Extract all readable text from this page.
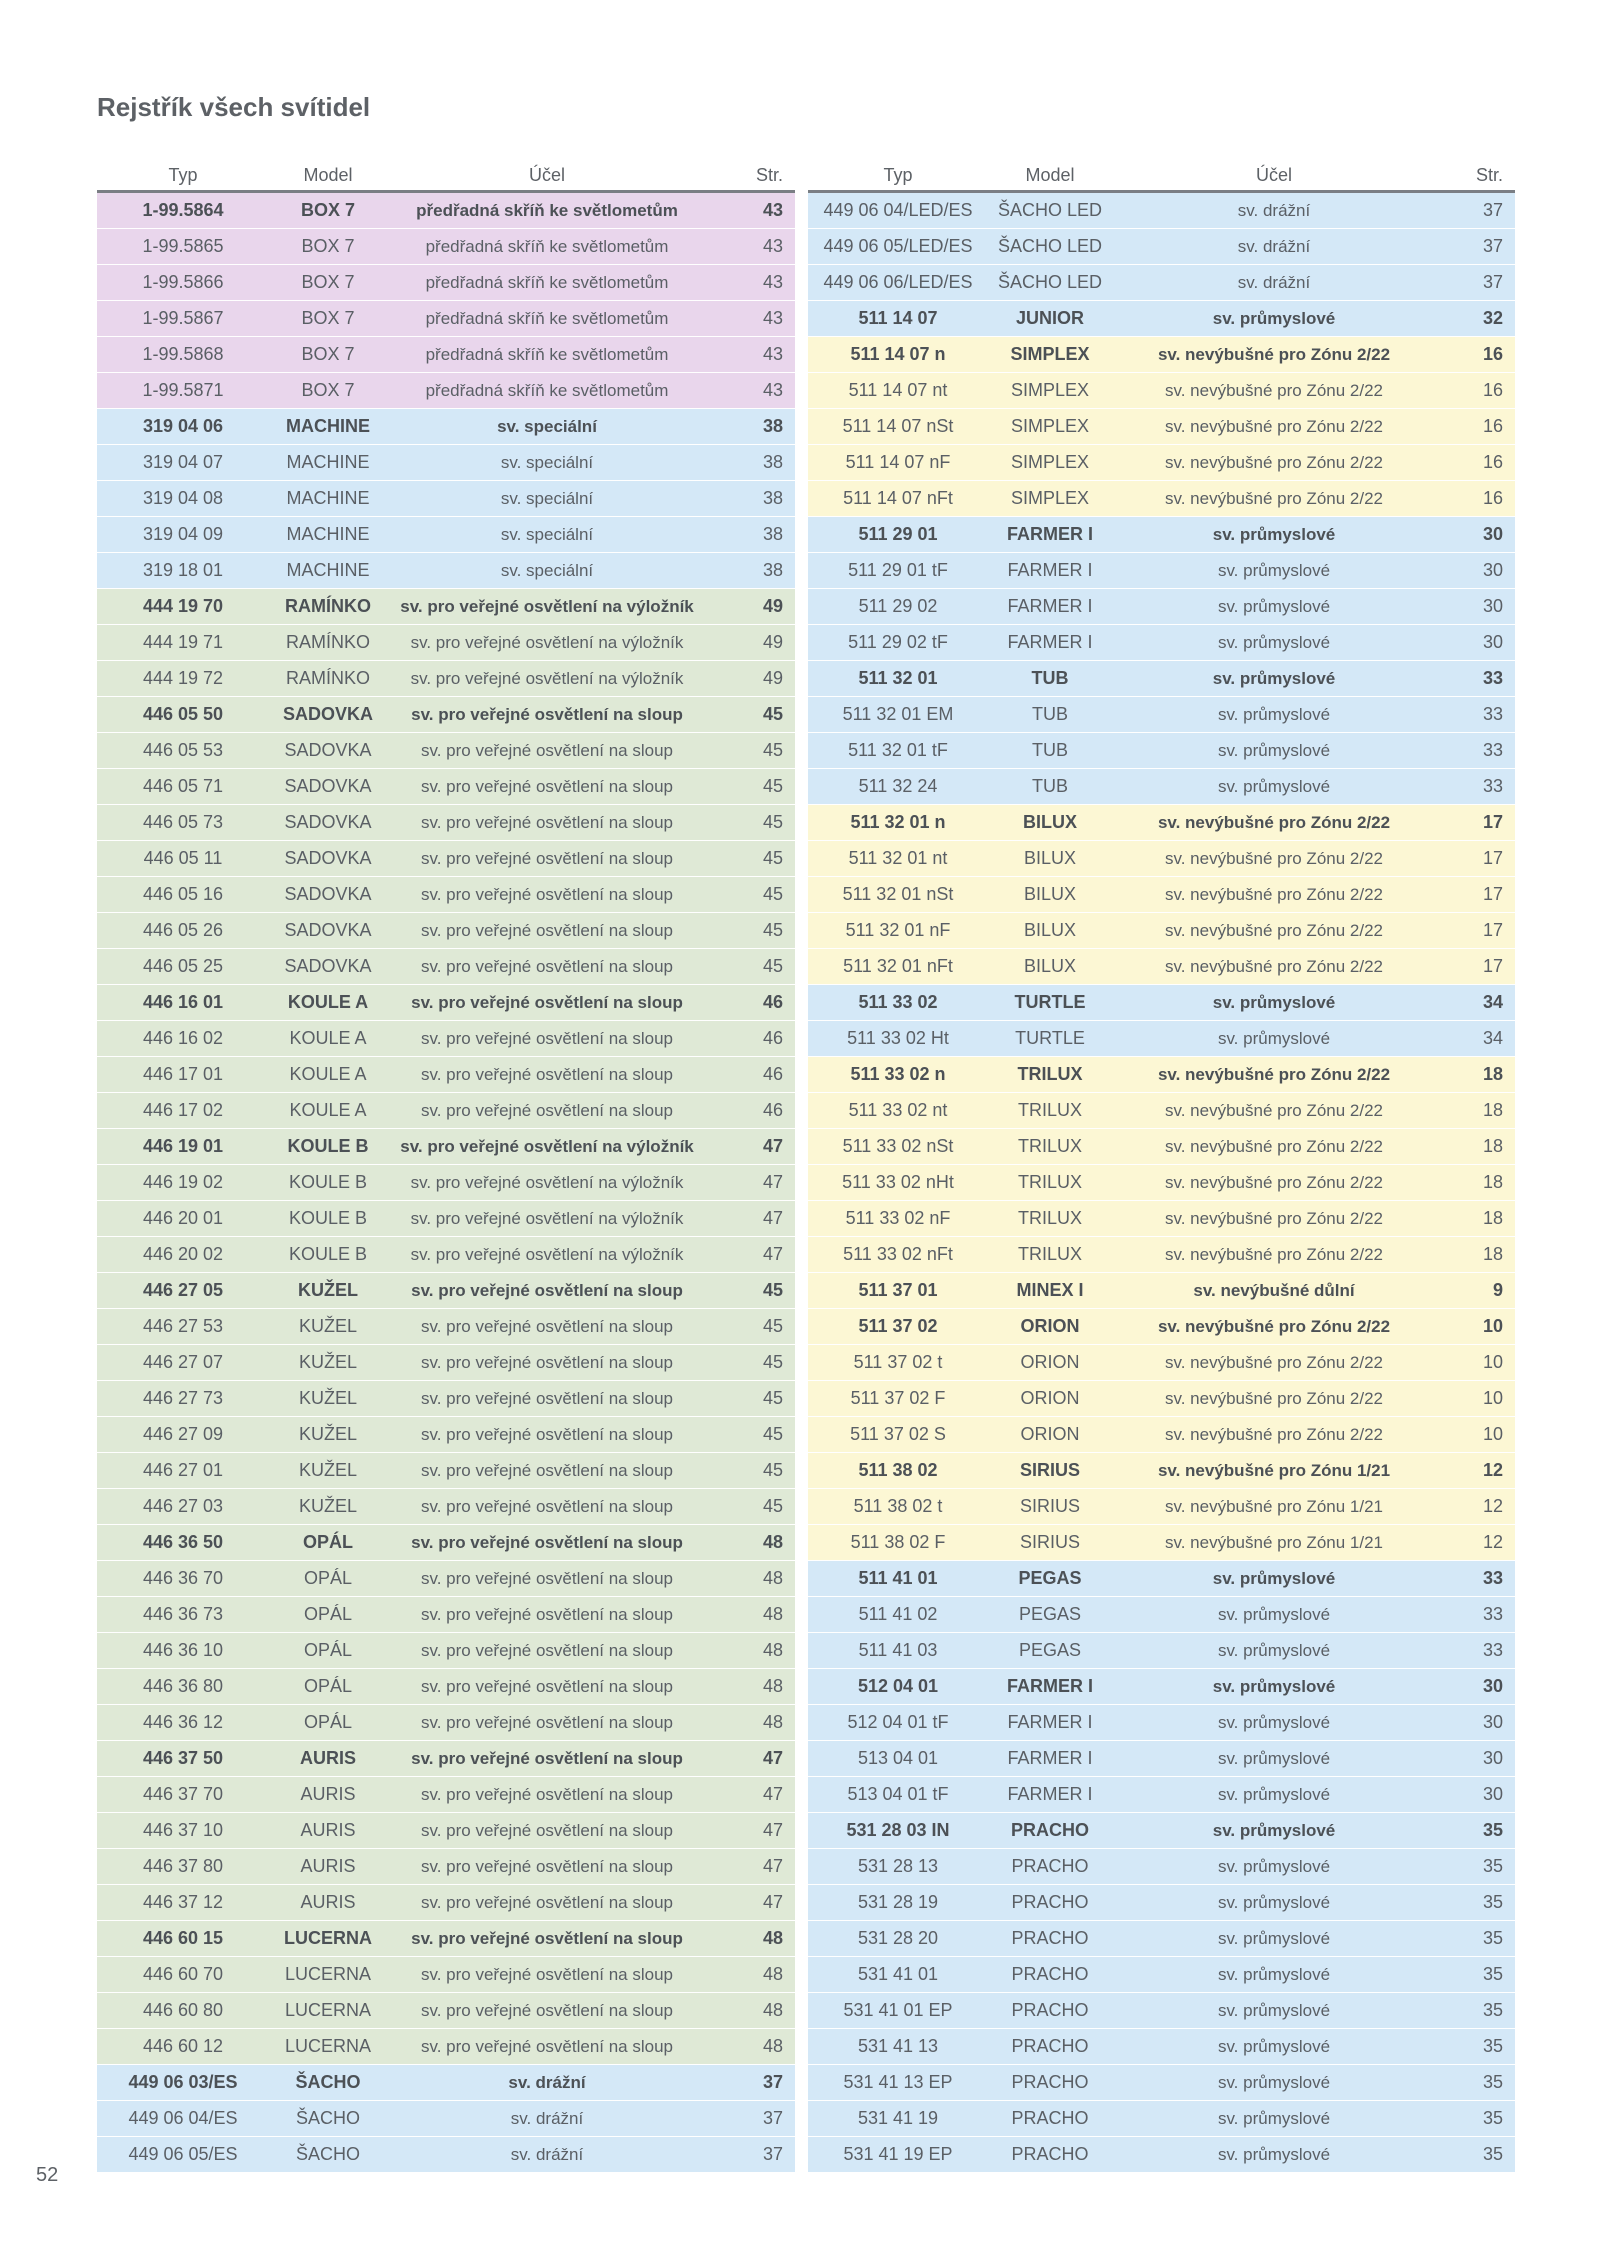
Rejstřík všech svítidel
Typ	Model	Účel	Str.
1-99.5864	BOX 7	předřadná skříň ke světlometům	43
1-99.5865	BOX 7	předřadná skříň ke světlometům	43
1-99.5866	BOX 7	předřadná skříň ke světlometům	43
1-99.5867	BOX 7	předřadná skříň ke světlometům	43
1-99.5868	BOX 7	předřadná skříň ke světlometům	43
1-99.5871	BOX 7	předřadná skříň ke světlometům	43
319 04 06	MACHINE	sv. speciální	38
319 04 07	MACHINE	sv. speciální	38
319 04 08	MACHINE	sv. speciální	38
319 04 09	MACHINE	sv. speciální	38
319 18 01	MACHINE	sv. speciální	38
444 19 70	RAMÍNKO	sv. pro veřejné osvětlení na výložník	49
444 19 71	RAMÍNKO	sv. pro veřejné osvětlení na výložník	49
444 19 72	RAMÍNKO	sv. pro veřejné osvětlení na výložník	49
446 05 50	SADOVKA	sv. pro veřejné osvětlení na sloup	45
446 05 53	SADOVKA	sv. pro veřejné osvětlení na sloup	45
446 05 71	SADOVKA	sv. pro veřejné osvětlení na sloup	45
446 05 73	SADOVKA	sv. pro veřejné osvětlení na sloup	45
446 05 11	SADOVKA	sv. pro veřejné osvětlení na sloup	45
446 05 16	SADOVKA	sv. pro veřejné osvětlení na sloup	45
446 05 26	SADOVKA	sv. pro veřejné osvětlení na sloup	45
446 05 25	SADOVKA	sv. pro veřejné osvětlení na sloup	45
446 16 01	KOULE A	sv. pro veřejné osvětlení na sloup	46
446 16 02	KOULE A	sv. pro veřejné osvětlení na sloup	46
446 17 01	KOULE A	sv. pro veřejné osvětlení na sloup	46
446 17 02	KOULE A	sv. pro veřejné osvětlení na sloup	46
446 19 01	KOULE B	sv. pro veřejné osvětlení na výložník	47
446 19 02	KOULE B	sv. pro veřejné osvětlení na výložník	47
446 20 01	KOULE B	sv. pro veřejné osvětlení na výložník	47
446 20 02	KOULE B	sv. pro veřejné osvětlení na výložník	47
446 27 05	KUŽEL	sv. pro veřejné osvětlení na sloup	45
446 27 53	KUŽEL	sv. pro veřejné osvětlení na sloup	45
446 27 07	KUŽEL	sv. pro veřejné osvětlení na sloup	45
446 27 73	KUŽEL	sv. pro veřejné osvětlení na sloup	45
446 27 09	KUŽEL	sv. pro veřejné osvětlení na sloup	45
446 27 01	KUŽEL	sv. pro veřejné osvětlení na sloup	45
446 27 03	KUŽEL	sv. pro veřejné osvětlení na sloup	45
446 36 50	OPÁL	sv. pro veřejné osvětlení na sloup	48
446 36 70	OPÁL	sv. pro veřejné osvětlení na sloup	48
446 36 73	OPÁL	sv. pro veřejné osvětlení na sloup	48
446 36 10	OPÁL	sv. pro veřejné osvětlení na sloup	48
446 36 80	OPÁL	sv. pro veřejné osvětlení na sloup	48
446 36 12	OPÁL	sv. pro veřejné osvětlení na sloup	48
446 37 50	AURIS	sv. pro veřejné osvětlení na sloup	47
446 37 70	AURIS	sv. pro veřejné osvětlení na sloup	47
446 37 10	AURIS	sv. pro veřejné osvětlení na sloup	47
446 37 80	AURIS	sv. pro veřejné osvětlení na sloup	47
446 37 12	AURIS	sv. pro veřejné osvětlení na sloup	47
446 60 15	LUCERNA	sv. pro veřejné osvětlení na sloup	48
446 60 70	LUCERNA	sv. pro veřejné osvětlení na sloup	48
446 60 80	LUCERNA	sv. pro veřejné osvětlení na sloup	48
446 60 12	LUCERNA	sv. pro veřejné osvětlení na sloup	48
449 06 03/ES	ŠACHO	sv. drážní	37
449 06 04/ES	ŠACHO	sv. drážní	37
449 06 05/ES	ŠACHO	sv. drážní	37
Typ	Model	Účel	Str.
449 06 04/LED/ES	ŠACHO LED	sv. drážní	37
449 06 05/LED/ES	ŠACHO LED	sv. drážní	37
449 06 06/LED/ES	ŠACHO LED	sv. drážní	37
511 14 07	JUNIOR	sv. průmyslové	32
511 14 07 n	SIMPLEX	sv. nevýbušné pro Zónu 2/22	16
511 14 07 nt	SIMPLEX	sv. nevýbušné pro Zónu 2/22	16
511 14 07 nSt	SIMPLEX	sv. nevýbušné pro Zónu 2/22	16
511 14 07 nF	SIMPLEX	sv. nevýbušné pro Zónu 2/22	16
511 14 07 nFt	SIMPLEX	sv. nevýbušné pro Zónu 2/22	16
511 29 01	FARMER I	sv. průmyslové	30
511 29 01 tF	FARMER I	sv. průmyslové	30
511 29 02	FARMER I	sv. průmyslové	30
511 29 02 tF	FARMER I	sv. průmyslové	30
511 32 01	TUB	sv. průmyslové	33
511 32 01 EM	TUB	sv. průmyslové	33
511 32 01 tF	TUB	sv. průmyslové	33
511 32 24	TUB	sv. průmyslové	33
511 32 01 n	BILUX	sv. nevýbušné pro Zónu 2/22	17
511 32 01 nt	BILUX	sv. nevýbušné pro Zónu 2/22	17
511 32 01 nSt	BILUX	sv. nevýbušné pro Zónu 2/22	17
511 32 01 nF	BILUX	sv. nevýbušné pro Zónu 2/22	17
511 32 01 nFt	BILUX	sv. nevýbušné pro Zónu 2/22	17
511 33 02	TURTLE	sv. průmyslové	34
511 33 02 Ht	TURTLE	sv. průmyslové	34
511 33 02 n	TRILUX	sv. nevýbušné pro Zónu 2/22	18
511 33 02 nt	TRILUX	sv. nevýbušné pro Zónu 2/22	18
511 33 02 nSt	TRILUX	sv. nevýbušné pro Zónu 2/22	18
511 33 02 nHt	TRILUX	sv. nevýbušné pro Zónu 2/22	18
511 33 02 nF	TRILUX	sv. nevýbušné pro Zónu 2/22	18
511 33 02 nFt	TRILUX	sv. nevýbušné pro Zónu 2/22	18
511 37 01	MINEX I	sv. nevýbušné důlní	9
511 37 02	ORION	sv. nevýbušné pro Zónu 2/22	10
511 37 02 t	ORION	sv. nevýbušné pro Zónu 2/22	10
511 37 02 F	ORION	sv. nevýbušné pro Zónu 2/22	10
511 37 02 S	ORION	sv. nevýbušné pro Zónu 2/22	10
511 38 02	SIRIUS	sv. nevýbušné pro Zónu 1/21	12
511 38 02 t	SIRIUS	sv. nevýbušné pro Zónu 1/21	12
511 38 02 F	SIRIUS	sv. nevýbušné pro Zónu 1/21	12
511 41 01	PEGAS	sv. průmyslové	33
511 41 02	PEGAS	sv. průmyslové	33
511 41 03	PEGAS	sv. průmyslové	33
512 04 01	FARMER I	sv. průmyslové	30
512 04 01 tF	FARMER I	sv. průmyslové	30
513 04 01	FARMER I	sv. průmyslové	30
513 04 01 tF	FARMER I	sv. průmyslové	30
531 28 03 IN	PRACHO	sv. průmyslové	35
531 28 13	PRACHO	sv. průmyslové	35
531 28 19	PRACHO	sv. průmyslové	35
531 28 20	PRACHO	sv. průmyslové	35
531 41 01	PRACHO	sv. průmyslové	35
531 41 01 EP	PRACHO	sv. průmyslové	35
531 41 13	PRACHO	sv. průmyslové	35
531 41 13 EP	PRACHO	sv. průmyslové	35
531 41 19	PRACHO	sv. průmyslové	35
531 41 19 EP	PRACHO	sv. průmyslové	35
52
